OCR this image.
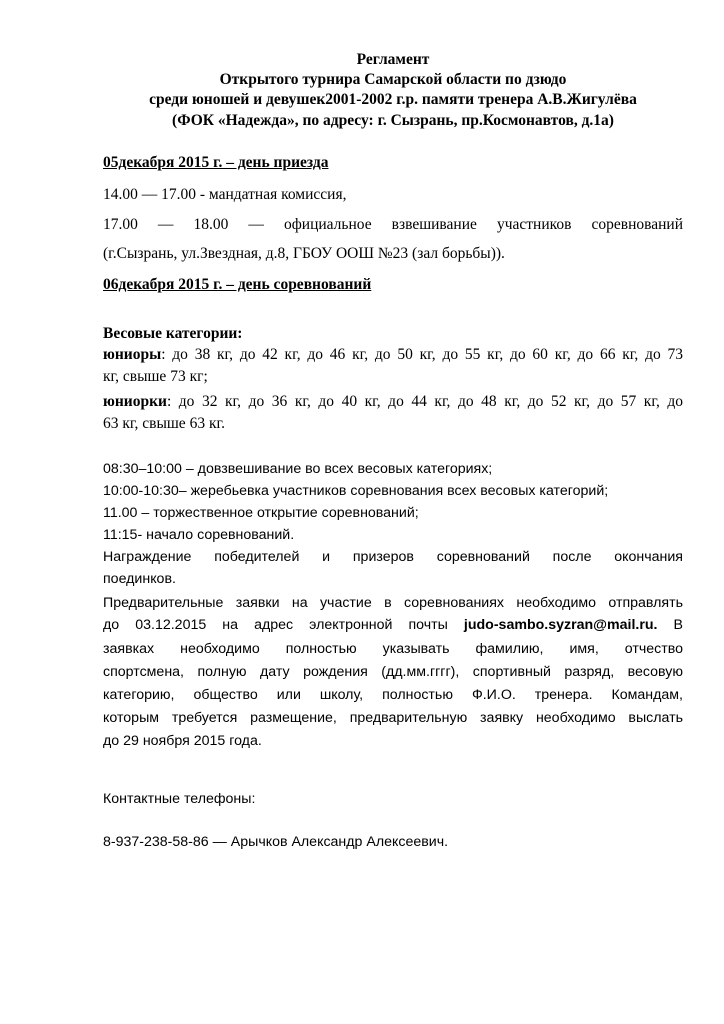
Регламент
Открытого турнира Самарской области по дзюдо
среди юношей и девушек2001-2002 г.р. памяти тренера А.В.Жигулёва
(ФОК «Надежда», по адресу: г. Сызрань, пр.Космонавтов, д.1а)
05декабря 2015 г. – день приезда
14.00 — 17.00 - мандатная комиссия,
17.00 — 18.00 — официальное взвешивание участников соревнований
(г.Сызрань, ул.Звездная, д.8, ГБОУ ООШ №23 (зал борьбы)).
06декабря 2015 г. – день соревнований
Весовые категории:
юниоры: до 38 кг, до 42 кг, до 46 кг, до 50 кг, до 55 кг, до 60 кг, до 66 кг, до 73
кг, свыше 73 кг;
юниорки: до 32 кг, до 36 кг, до 40 кг, до 44 кг, до 48 кг, до 52 кг, до 57 кг, до
63 кг, свыше 63 кг.
08:30–10:00 – довзвешивание во всех весовых категориях;
10:00-10:30– жеребьевка участников соревнования всех весовых категорий;
11.00 – торжественное открытие соревнований;
11:15- начало соревнований.
Награждение победителей и призеров соревнований после окончания
поединков.
Предварительные заявки на участие в соревнованиях необходимо отправлять
до 03.12.2015 на адрес электронной почты judo-sambo.syzran@mail.ru. В
заявках необходимо полностью указывать фамилию, имя, отчество
спортсмена, полную дату рождения (дд.мм.гггг), спортивный разряд, весовую
категорию, общество или школу, полностью Ф.И.О. тренера. Командам,
которым требуется размещение, предварительную заявку необходимо выслать
до 29 ноября 2015 года.
Контактные телефоны:
8-937-238-58-86 — Арычков Александр Алексеевич.
